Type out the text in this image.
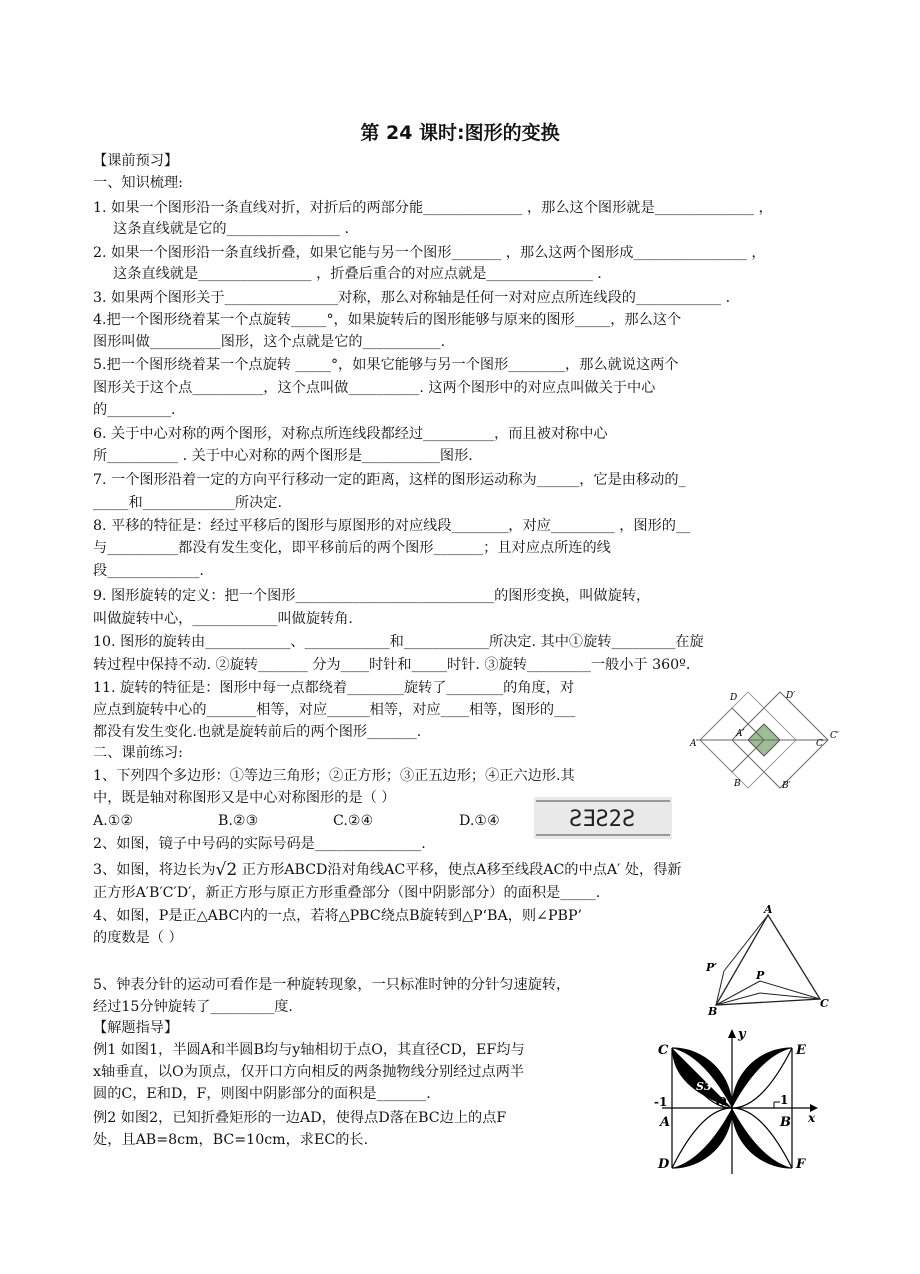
第 24 课时:图形的变换
【课前预习】
一、知识梳理:
1. 如果一个图形沿一条直线对折，对折后的两部分能______________ ，那么这个图形就是______________ ，
这条直线就是它的________________ .
2. 如果一个图形沿一条直线折叠，如果它能与另一个图形_______ ，那么这两个图形成________________ ，
这条直线就是________________ ，折叠后重合的对应点就是_______________ .
3. 如果两个图形关于________________对称，那么对称轴是任何一对对应点所连线段的____________ .
4.把一个图形绕着某一个点旋转_____°，如果旋转后的图形能够与原来的图形_____，那么这个
图形叫做__________图形，这个点就是它的___________.
5.把一个图形绕着某一个点旋转 _____°，如果它能够与另一个图形________，那么就说这两个
图形关于这个点__________，这个点叫做__________. 这两个图形中的对应点叫做关于中心
的_________.
6. 关于中心对称的两个图形，对称点所连线段都经过__________，而且被对称中心
所__________ . 关于中心对称的两个图形是___________图形.
7. 一个图形沿着一定的方向平行移动一定的距离，这样的图形运动称为______，它是由移动的_
_____和_____________所决定.
8. 平移的特征是：经过平移后的图形与原图形的对应线段________，对应_________ ，图形的__
与__________都没有发生变化，即平移前后的两个图形_______；且对应点所连的线
段_____________.
9. 图形旋转的定义：把一个图形____________________________的图形变换，叫做旋转，
叫做旋转中心，____________叫做旋转角.
10. 图形的旋转由____________、____________和____________所决定. 其中①旋转_________在旋
转过程中保持不动. ②旋转_______ 分为____时针和_____时针. ③旋转_________一般小于 360º.
11. 旋转的特征是：图形中每一点都绕着________旋转了________的角度，对
应点到旋转中心的_______相等，对应______相等，对应____相等，图形的___
都没有发生变化.也就是旋转前后的两个图形_______.
二、课前练习:
1、下列四个多边形：①等边三角形；②正方形；③正五边形；④正六边形.其
中，既是轴对称图形又是中心对称图形的是（ ）
A.①②	B.②③	C.②④	D.①④
2、如图，镜子中号码的实际号码是_______________.
3、如图，将边长为√2 正方形ABCD沿对角线AC平移，使点A移至线段AC的中点A′ 处，得新
正方形A′B′C′D′，新正方形与原正方形重叠部分（图中阴影部分）的面积是_____.
4、如图，P是正△ABC内的一点，若将△PBC绕点B旋转到△P‘BA，则∠PBP’
的度数是（ ）
5、钟表分针的运动可看作是一种旋转现象，一只标准时钟的分针匀速旋转，
经过15分钟旋转了_________度.
【解题指导】
例1 如图1，半圆A和半圆B均与y轴相切于点O，其直径CD，EF均与
x轴垂直，以O为顶点，仅开口方向相反的两条抛物线分别经过点两半
圆的C，E和D，F，则图中阴影部分的面积是_______.
例2 如图2，已知折叠矩形的一边AD，使得点D落在BC边上的点F
处，且AB=8cm，BC=10cm，求EC的长.
D	D′
A
A′
C
C′
B	B′
ƧƎƧ2Ƨ
A
P′
P
B
C
y
C	E
S3
O	1
-1
x
A	B
S4
D	F
